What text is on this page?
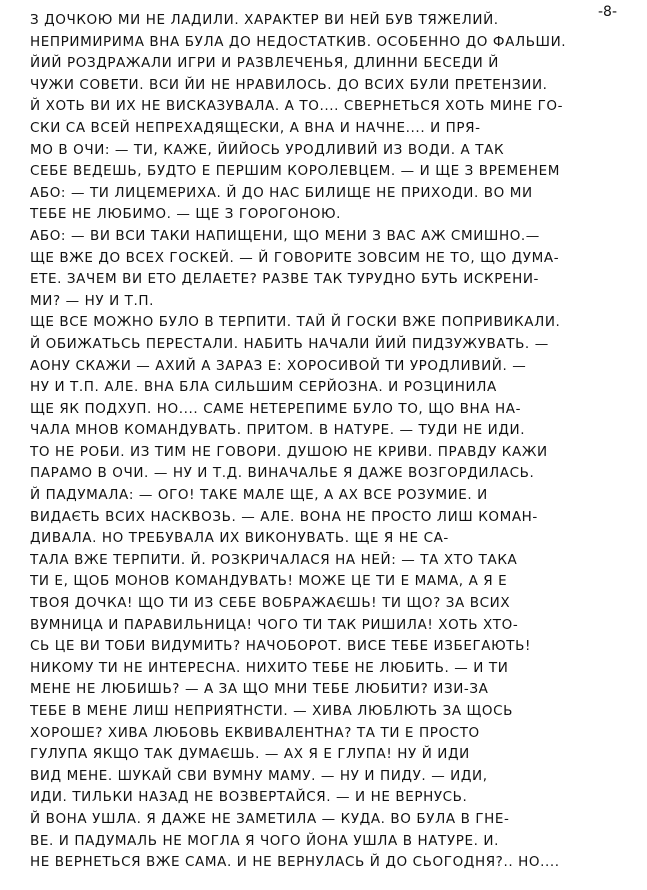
-8-
З ДОЧКОЮ МИ НЕ ЛАДИЛИ. ХАРАКТЕР ВИ НЕЙ БУВ ТЯЖЕЛИЙ.
НЕПРИМИРИМА ВНА БУЛА ДО НЕДОСТАТКИВ. ОСОБЕННО ДО ФАЛЬШИ.
ЙИЙ РОЗДРАЖАЛИ ИГРИ И РАЗВЛЕЧЕНЬЯ, ДЛИННИ БЕСЕДИ Й
ЧУЖИ СОВЕТИ. ВСИ ЙИ НЕ НРАВИЛОСЬ. ДО ВСИХ БУЛИ ПРЕТЕНЗИИ.
Й ХОТЬ ВИ ИХ НЕ ВИСКАЗУВАЛА. А ТО.... СВЕРНЕТЬСЯ ХОТЬ МИНЕ ГО-
СКИ СА ВСЕЙ НЕПРЕХАДЯЩЕСКИ, А ВНА И НАЧНЕ.... И ПРЯ-
МО В ОЧИ: — ТИ, КАЖЕ, ЙИЙОСЬ УРОДЛИВИЙ ИЗ ВОДИ. А ТАК
СЕБЕ ВЕДЕШЬ, БУДТО Е ПЕРШИМ КОРОЛЕВЦЕМ. — И ЩЕ З ВРЕМЕНЕМ
АБО: — ТИ ЛИЦЕМЕРИХА. Й ДО НАС БИЛИЩЕ НЕ ПРИХОДИ. ВО МИ
ТЕБЕ НЕ ЛЮБИМО. — ЩЕ З ГОРОГОНОЮ.
АБО: — ВИ ВСИ ТАКИ НАПИЩЕНИ, ЩО МЕНИ З ВАС АЖ СМИШНО.—
ЩЕ ВЖЕ ДО ВСЕХ ГОСКЕЙ. — Й ГОВОРИТЕ ЗОВСИМ НЕ ТО, ЩО ДУМА-
ЕТЕ. ЗАЧЕМ ВИ ЕТО ДЕЛАЕТЕ? РАЗВЕ ТАК ТУРУДНО БУТЬ ИСКРЕНИ-
МИ? — НУ И Т.П.
ЩЕ ВСЕ МОЖНО БУЛО В ТЕРПИТИ. ТАЙ Й ГОСКИ ВЖЕ ПОПРИВИКАЛИ.
Й ОБИЖАТЬСЬ ПЕРЕСТАЛИ. НАБИТЬ НАЧАЛИ ЙИЙ ПИДЗУЖУВАТЬ. —
АОНУ СКАЖИ — АХИЙ А ЗАРАЗ Е: ХОРОСИВОЙ ТИ УРОДЛИВИЙ. —
НУ И Т.П. АЛЕ. ВНА БЛА СИЛЬШИМ СЕРЙОЗНА. И РОЗЦИНИЛА
ЩЕ ЯК ПОДХУП. НО.... САМЕ НЕТЕРЕПИМЕ БУЛО ТО, ЩО ВНА НА-
ЧАЛА МНОВ КОМАНДУВАТЬ. ПРИТОМ. В НАТУРЕ. — ТУДИ НЕ ИДИ.
ТО НЕ РОБИ. ИЗ ТИМ НЕ ГОВОРИ. ДУШОЮ НЕ КРИВИ. ПРАВДУ КАЖИ
ПАРАМО В ОЧИ. — НУ И Т.Д. ВИНАЧАЛЬЕ Я ДАЖЕ ВОЗГОРДИЛАСЬ.
Й ПАДУМАЛА: — ОГО! ТАКЕ МАЛЕ ЩЕ, А АХ ВСЕ РОЗУМИЕ. И
ВИДАЄТЬ ВСИХ НАСКВОЗЬ. — АЛЕ. ВОНА НЕ ПРОСТО ЛИШ КОМАН-
ДИВАЛА. НО ТРЕБУВАЛА ИХ ВИКОНУВАТЬ. ЩЕ Я НЕ СА-
ТАЛА ВЖЕ ТЕРПИТИ. Й. РОЗКРИЧАЛАСЯ НА НЕЙ: — ТА ХТО ТАКА
ТИ Е, ЩОБ МОНОВ КОМАНДУВАТЬ! МОЖЕ ЦЕ ТИ Е МАМА, А Я Е
ТВОЯ ДОЧКА! ЩО ТИ ИЗ СЕБЕ ВОБРАЖАЄШЬ! ТИ ЩО? ЗА ВСИХ
ВУМНИЦА И ПАРАВИЛЬНИЦА! ЧОГО ТИ ТАК РИШИЛА! ХОТЬ ХТО-
СЬ ЦЕ ВИ ТОБИ ВИДУМИТЬ? НАЧОБОРОТ. ВИСЕ ТЕБЕ ИЗБЕГАЮТЬ!
НИКОМУ ТИ НЕ ИНТЕРЕСНА. НИХИТО ТЕБЕ НЕ ЛЮБИТЬ. — И ТИ
МЕНЕ НЕ ЛЮБИШЬ? — А ЗА ЩО МНИ ТЕБЕ ЛЮБИТИ? ИЗИ-ЗА
ТЕБЕ В МЕНЕ ЛИШ НЕПРИЯТНСТИ. — ХИВА ЛЮБЛЮТЬ ЗА ЩОСЬ
ХОРОШЕ? ХИВА ЛЮБОВЬ ЕКВИВАЛЕНТНА? ТА ТИ Е ПРОСТО
ГУЛУПА ЯКЩО ТАК ДУМАЄШЬ. — АХ Я Е ГЛУПА! НУ Й ИДИ
ВИД МЕНЕ. ШУКАЙ СВИ ВУМНУ МАМУ. — НУ И ПИДУ. — ИДИ,
ИДИ. ТИЛЬКИ НАЗАД НЕ ВОЗВЕРТАЙСЯ. — И НЕ ВЕРНУСЬ.
Й ВОНА УШЛА. Я ДАЖЕ НЕ ЗАМЕТИЛА — КУДА. ВО БУЛА В ГНЕ-
ВЕ. И ПАДУМАЛЬ НЕ МОГЛА Я ЧОГО ЙОНА УШЛА В НАТУРЕ. И.
НЕ ВЕРНЕТЬСЯ ВЖЕ САМА. И НЕ ВЕРНУЛАСЬ Й ДО СЬОГОДНЯ?.. НО....
